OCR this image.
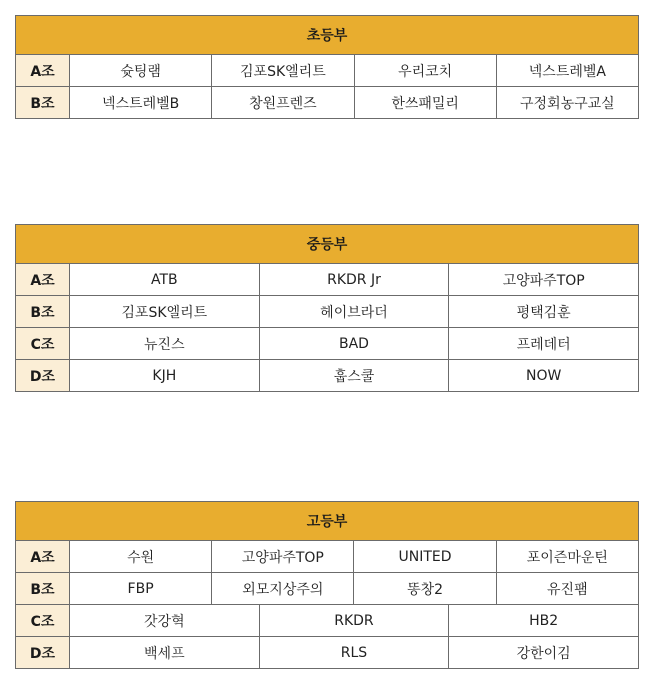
초등부				
A조	슛팅램	김포SK엘리트	우리코치	넥스트레벨A
B조	넥스트레벨B	창원프렌즈	한쓰패밀리	구정회농구교실
중등부			
A조	ATB	RKDR Jr	고양파주TOP
B조	김포SK엘리트	헤이브라더	평택김훈
C조	뉴진스	BAD	프레데터
D조	KJH	훕스쿨	NOW
고등부						
A조	수원	고양파주TOP		UNITED		포이즌마운틴
B조	FBP	외모지상주의		똥창2		유진팸
C조	갓강혁		RKDR		HB2	
D조	백세프		RLS		강한이김	
